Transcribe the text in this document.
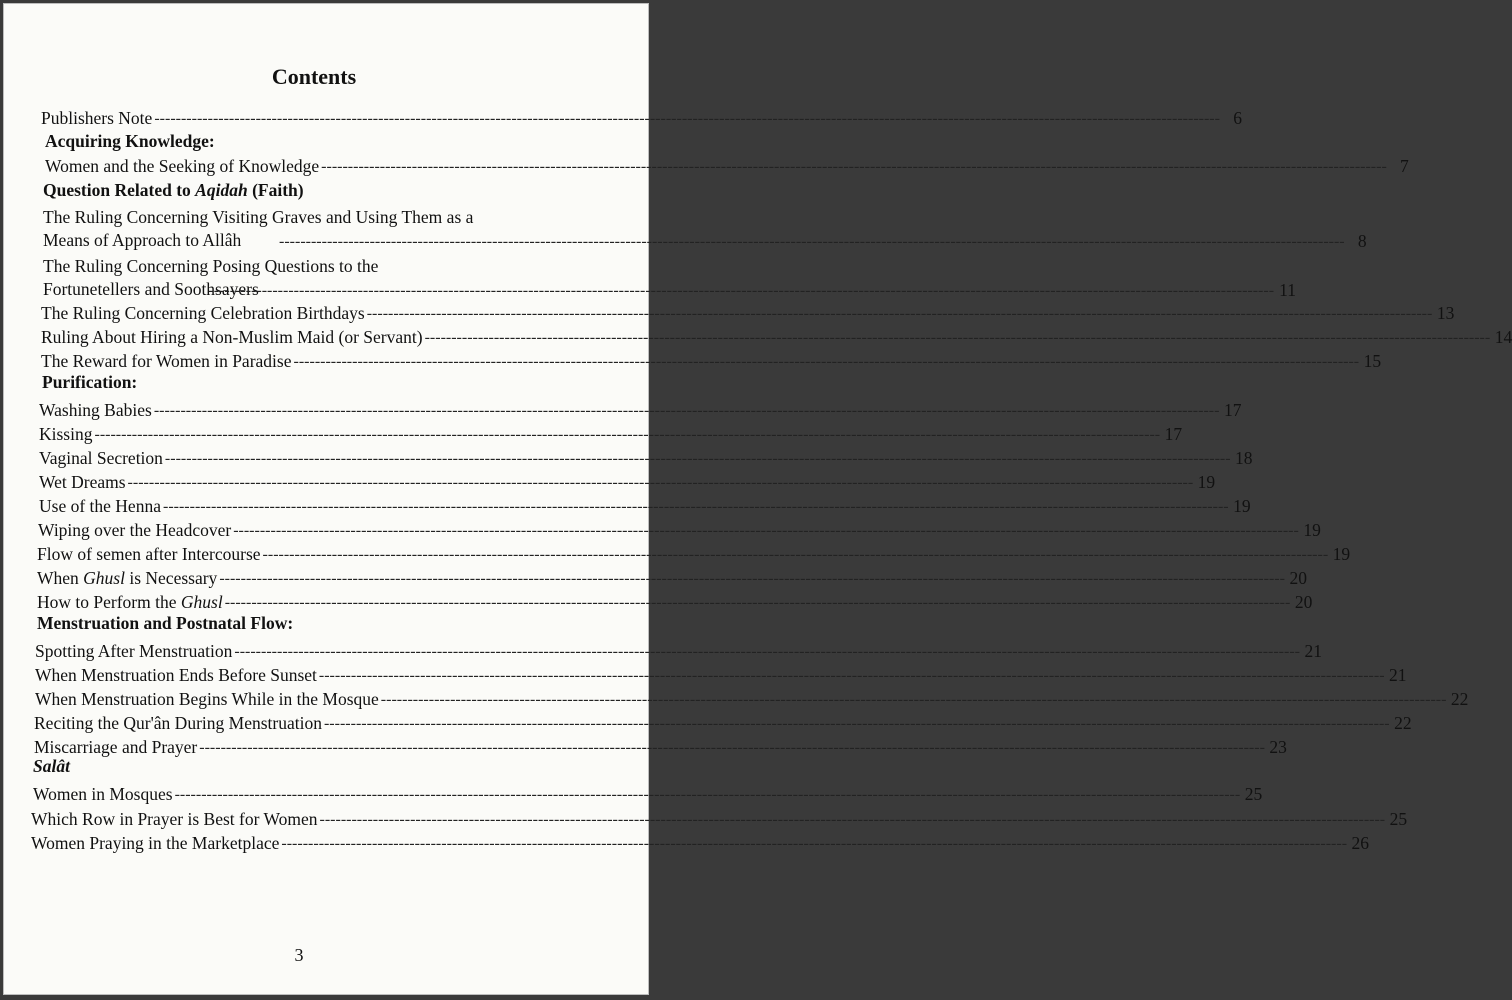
Contents
Publishers Note -------------------------------------------------------------------------------------------------------------------------------------------------------------------------------------------------------- 6
Acquiring Knowledge:
Women and the Seeking of Knowledge -------------------------------------------------------------------------------------------------------------------------------------------------------------------------------------------------------- 7
Question Related to Aqidah (Faith)
The Ruling Concerning Visiting Graves and Using Them as a
Means of Approach to Allâh	-------------------------------------------------------------------------------------------------------------------------------------------------------------------------------------------------------- 8
The Ruling Concerning Posing Questions to the
Fortunetellers and Soothsayers
-------------------------------------------------------------------------------------------------------------------------------------------------------------------------------------------------------- 11
The Ruling Concerning Celebration Birthdays -------------------------------------------------------------------------------------------------------------------------------------------------------------------------------------------------------- 13
Ruling About Hiring a Non-Muslim Maid (or Servant) -------------------------------------------------------------------------------------------------------------------------------------------------------------------------------------------------------- 14
The Reward for Women in Paradise -------------------------------------------------------------------------------------------------------------------------------------------------------------------------------------------------------- 15
Purification:
Washing Babies -------------------------------------------------------------------------------------------------------------------------------------------------------------------------------------------------------- 17
Kissing -------------------------------------------------------------------------------------------------------------------------------------------------------------------------------------------------------- 17
Vaginal Secretion -------------------------------------------------------------------------------------------------------------------------------------------------------------------------------------------------------- 18
Wet Dreams -------------------------------------------------------------------------------------------------------------------------------------------------------------------------------------------------------- 19
Use of the Henna -------------------------------------------------------------------------------------------------------------------------------------------------------------------------------------------------------- 19
Wiping over the Headcover -------------------------------------------------------------------------------------------------------------------------------------------------------------------------------------------------------- 19
Flow of semen after Intercourse -------------------------------------------------------------------------------------------------------------------------------------------------------------------------------------------------------- 19
When Ghusl is Necessary -------------------------------------------------------------------------------------------------------------------------------------------------------------------------------------------------------- 20
How to Perform the Ghusl -------------------------------------------------------------------------------------------------------------------------------------------------------------------------------------------------------- 20
Menstruation and Postnatal Flow:
Spotting After Menstruation -------------------------------------------------------------------------------------------------------------------------------------------------------------------------------------------------------- 21
When Menstruation Ends Before Sunset -------------------------------------------------------------------------------------------------------------------------------------------------------------------------------------------------------- 21
When Menstruation Begins While in the Mosque -------------------------------------------------------------------------------------------------------------------------------------------------------------------------------------------------------- 22
Reciting the Qur'ân During Menstruation -------------------------------------------------------------------------------------------------------------------------------------------------------------------------------------------------------- 22
Miscarriage and Prayer -------------------------------------------------------------------------------------------------------------------------------------------------------------------------------------------------------- 23
Salât
Women in Mosques -------------------------------------------------------------------------------------------------------------------------------------------------------------------------------------------------------- 25
Which Row in Prayer is Best for Women -------------------------------------------------------------------------------------------------------------------------------------------------------------------------------------------------------- 25
Women Praying in the Marketplace -------------------------------------------------------------------------------------------------------------------------------------------------------------------------------------------------------- 26
3
